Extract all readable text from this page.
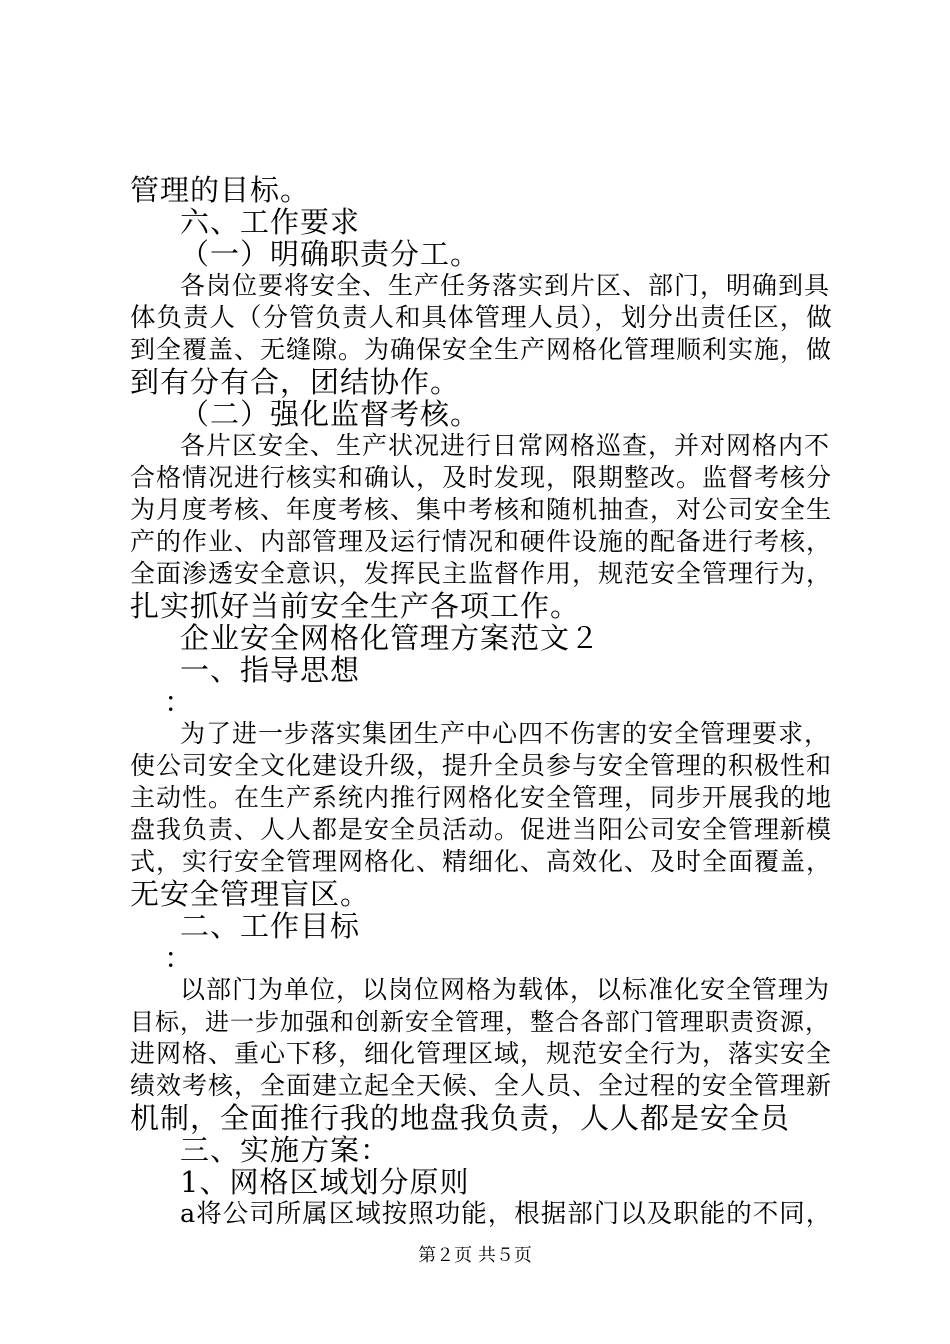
管理的目标。
六、工作要求
（一）明确职责分工。
各岗位要将安全、生产任务落实到片区、部门，明确到具
体负责人（分管负责人和具体管理人员），划分出责任区，做
到全覆盖、无缝隙。为确保安全生产网格化管理顺利实施，做
到有分有合，团结协作。
（二）强化监督考核。
各片区安全、生产状况进行日常网格巡查，并对网格内不
合格情况进行核实和确认，及时发现，限期整改。监督考核分
为月度考核、年度考核、集中考核和随机抽查，对公司安全生
产的作业、内部管理及运行情况和硬件设施的配备进行考核，
全面渗透安全意识，发挥民主监督作用，规范安全管理行为，
扎实抓好当前安全生产各项工作。
企业安全网格化管理方案范文２
一、指导思想
：
为了进一步落实集团生产中心四不伤害的安全管理要求，
使公司安全文化建设升级，提升全员参与安全管理的积极性和
主动性。在生产系统内推行网格化安全管理，同步开展我的地
盘我负责、人人都是安全员活动。促进当阳公司安全管理新模
式，实行安全管理网格化、精细化、高效化、及时全面覆盖，
无安全管理盲区。
二、工作目标
：
以部门为单位，以岗位网格为载体，以标准化安全管理为
目标，进一步加强和创新安全管理，整合各部门管理职责资源，
进网格、重心下移，细化管理区域，规范安全行为，落实安全
绩效考核，全面建立起全天候、全人员、全过程的安全管理新
机制，全面推行我的地盘我负责，人人都是安全员
三、实施方案：
1、网格区域划分原则
a将公司所属区域按照功能，根据部门以及职能的不同，
第２页 共５页
